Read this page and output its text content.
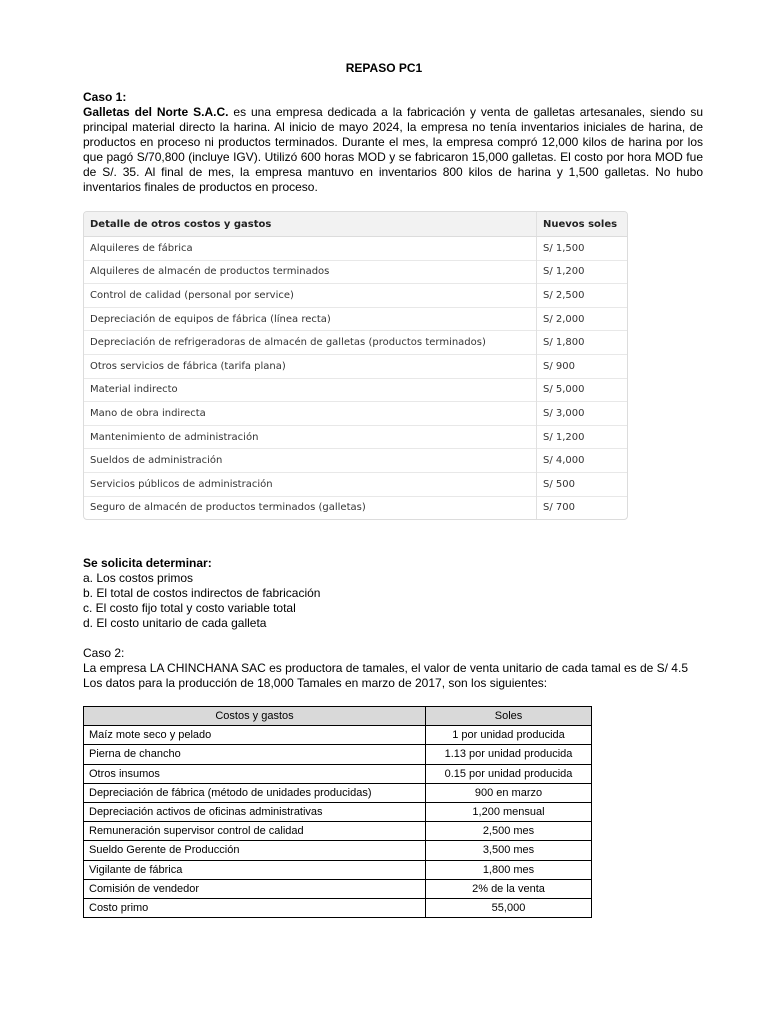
REPASO PC1
Caso 1:
Galletas del Norte S.A.C. es una empresa dedicada a la fabricación y venta de galletas artesanales, siendo su principal material directo la harina. Al inicio de mayo 2024, la empresa no tenía inventarios iniciales de harina, de productos en proceso ni productos terminados. Durante el mes, la empresa compró 12,000 kilos de harina por los que pagó S/70,800 (incluye IGV). Utilizó 600 horas MOD y se fabricaron 15,000 galletas. El costo por hora MOD fue de S/. 35. Al final de mes, la empresa mantuvo en inventarios 800 kilos de harina y 1,500 galletas. No hubo inventarios finales de productos en proceso.
Detalle de otros costos y gastos	Nuevos soles
Alquileres de fábrica	S/ 1,500
Alquileres de almacén de productos terminados	S/ 1,200
Control de calidad (personal por service)	S/ 2,500
Depreciación de equipos de fábrica (línea recta)	S/ 2,000
Depreciación de refrigeradoras de almacén de galletas (productos terminados)	S/ 1,800
Otros servicios de fábrica (tarifa plana)	S/ 900
Material indirecto	S/ 5,000
Mano de obra indirecta	S/ 3,000
Mantenimiento de administración	S/ 1,200
Sueldos de administración	S/ 4,000
Servicios públicos de administración	S/ 500
Seguro de almacén de productos terminados (galletas)	S/ 700
Se solicita determinar:
a. Los costos primos
b. El total de costos indirectos de fabricación
c. El costo fijo total y costo variable total
d. El costo unitario de cada galleta
Caso 2:
La empresa LA CHINCHANA SAC es productora de tamales, el valor de venta unitario de cada tamal es de S/ 4.5
Los datos para la producción de 18,000 Tamales en marzo de 2017, son los siguientes:
Costos y gastos	Soles
Maíz mote seco y pelado	1 por unidad producida
Pierna de chancho	1.13 por unidad producida
Otros insumos	0.15 por unidad producida
Depreciación de fábrica (método de unidades producidas)	900 en marzo
Depreciación activos de oficinas administrativas	1,200 mensual
Remuneración supervisor control de calidad	2,500 mes
Sueldo Gerente de Producción	3,500 mes
Vigilante de fábrica	1,800 mes
Comisión de vendedor	2% de la venta
Costo primo	55,000
